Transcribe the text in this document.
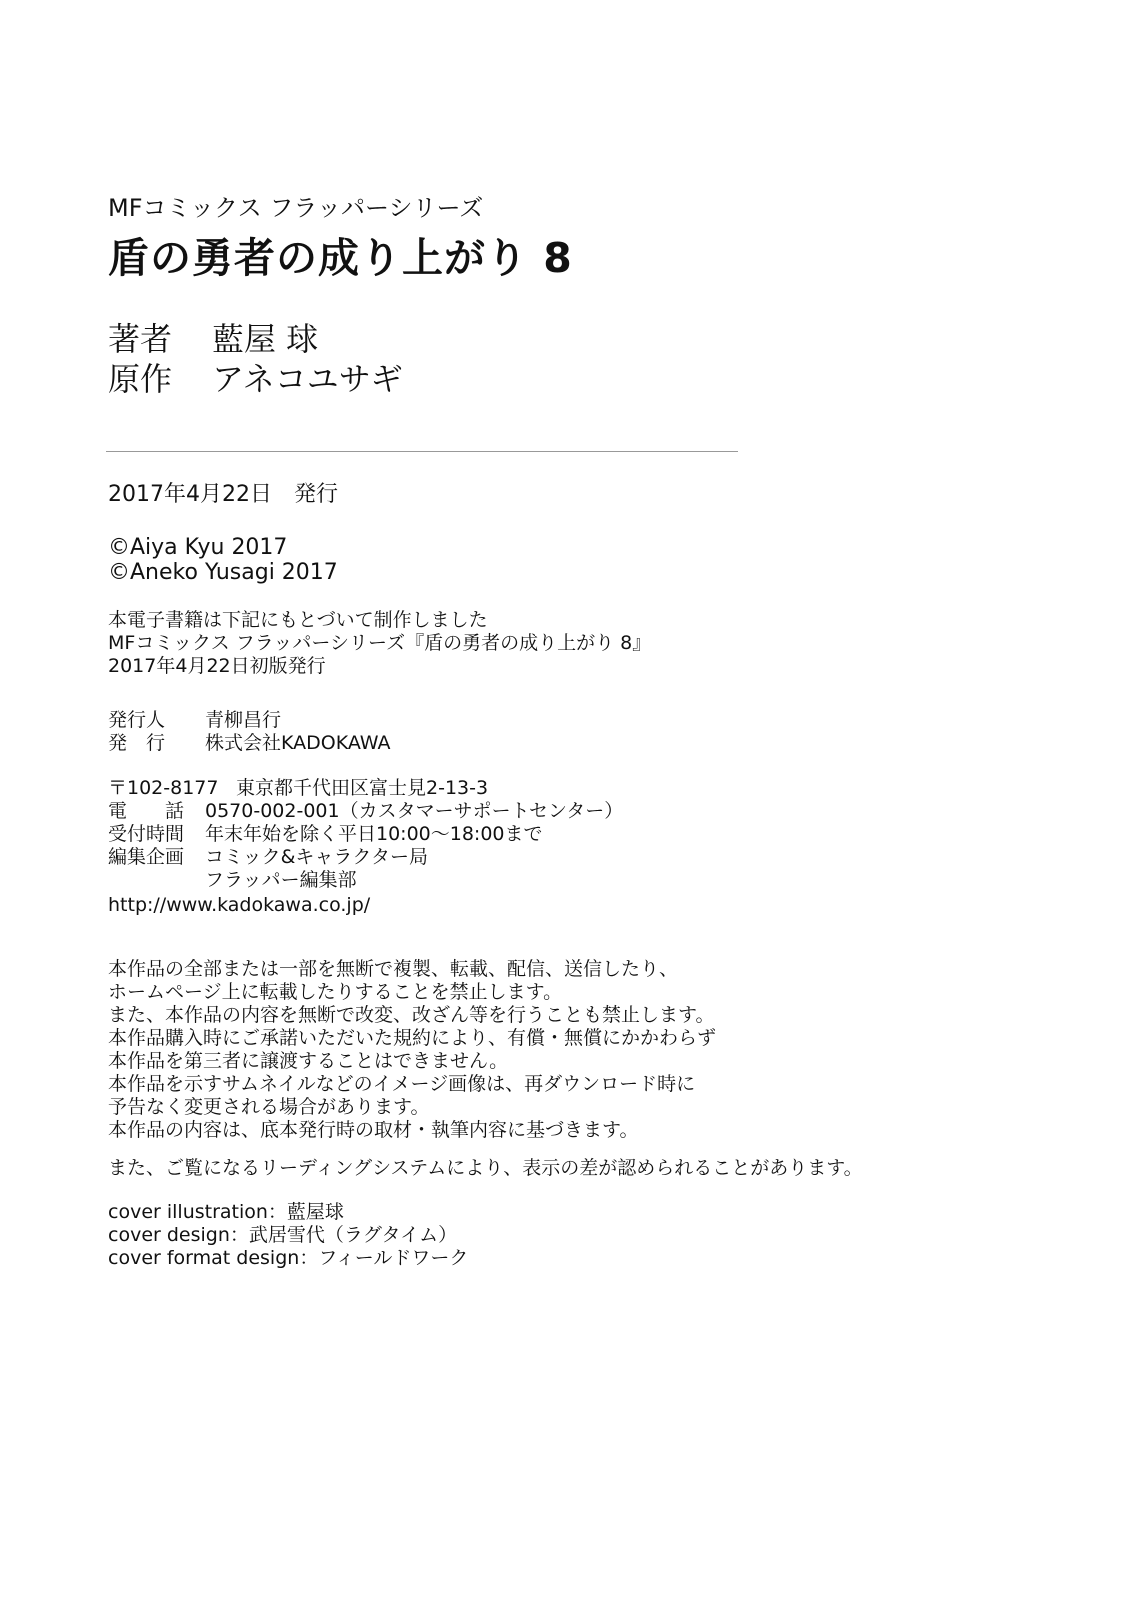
MFコミックス フラッパーシリーズ
盾の勇者の成り上がり 8
著者 藍屋 球
原作 アネコユサギ
2017年4月22日　発行
©Aiya Kyu 2017
©Aneko Yusagi 2017
本電子書籍は下記にもとづいて制作しました
MFコミックス フラッパーシリーズ『盾の勇者の成り上がり 8』
2017年4月22日初版発行
発行人 青柳昌行
発　行 株式会社KADOKAWA
〒102-8177 東京都千代田区富士見2-13-3
電　　話 0570-002-001（カスタマーサポートセンター）
受付時間 年末年始を除く平日10:00〜18:00まで
編集企画 コミック&キャラクター局
フラッパー編集部
http://www.kadokawa.co.jp/
本作品の全部または一部を無断で複製、転載、配信、送信したり、
ホームページ上に転載したりすることを禁止します。
また、本作品の内容を無断で改変、改ざん等を行うことも禁止します。
本作品購入時にご承諾いただいた規約により、有償・無償にかかわらず
本作品を第三者に譲渡することはできません。
本作品を示すサムネイルなどのイメージ画像は、再ダウンロード時に
予告なく変更される場合があります。
本作品の内容は、底本発行時の取材・執筆内容に基づきます。
また、ご覧になるリーディングシステムにより、表示の差が認められることがあります。
cover illustration：藍屋球
cover design：武居雪代（ラグタイム）
cover format design：フィールドワーク
